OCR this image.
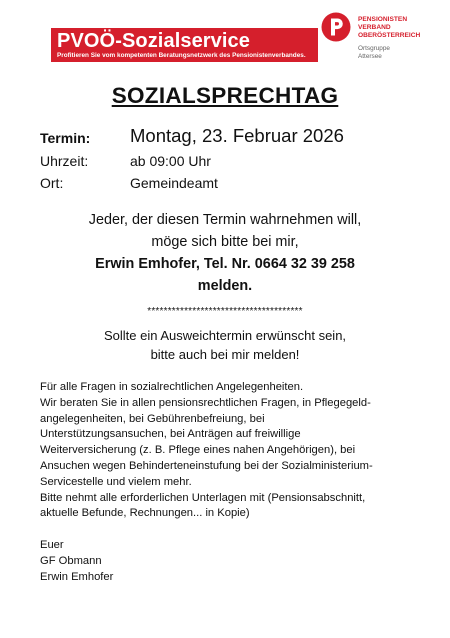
PVOÖ-Sozialservice
Profitieren Sie vom kompetenten Beratungsnetzwerk des Pensionistenverbandes.
PENSIONISTEN
VERBAND
OBERÖSTERREICH
Ortsgruppe
Attersee
SOZIALSPRECHTAG
Termin: Montag, 23. Februar 2026
Uhrzeit:	ab 09:00 Uhr
Ort:	Gemeindeamt
Jeder, der diesen Termin wahrnehmen will,
möge sich bitte bei mir,
Erwin Emhofer, Tel. Nr. 0664 32 39 258
melden.
**************************************
Sollte ein Ausweichtermin erwünscht sein,
bitte auch bei mir melden!
Für alle Fragen in sozialrechtlichen Angelegenheiten.
Wir beraten Sie in allen pensionsrechtlichen Fragen, in Pflegegeld-
angelegenheiten, bei Gebührenbefreiung, bei
Unterstützungsansuchen, bei Anträgen auf freiwillige
Weiterversicherung (z. B. Pflege eines nahen Angehörigen), bei
Ansuchen wegen Behinderteneinstufung bei der Sozialministerium-
Servicestelle und vielem mehr.
Bitte nehmt alle erforderlichen Unterlagen mit (Pensionsabschnitt,
aktuelle Befunde, Rechnungen... in Kopie)
Euer
GF Obmann
Erwin Emhofer
